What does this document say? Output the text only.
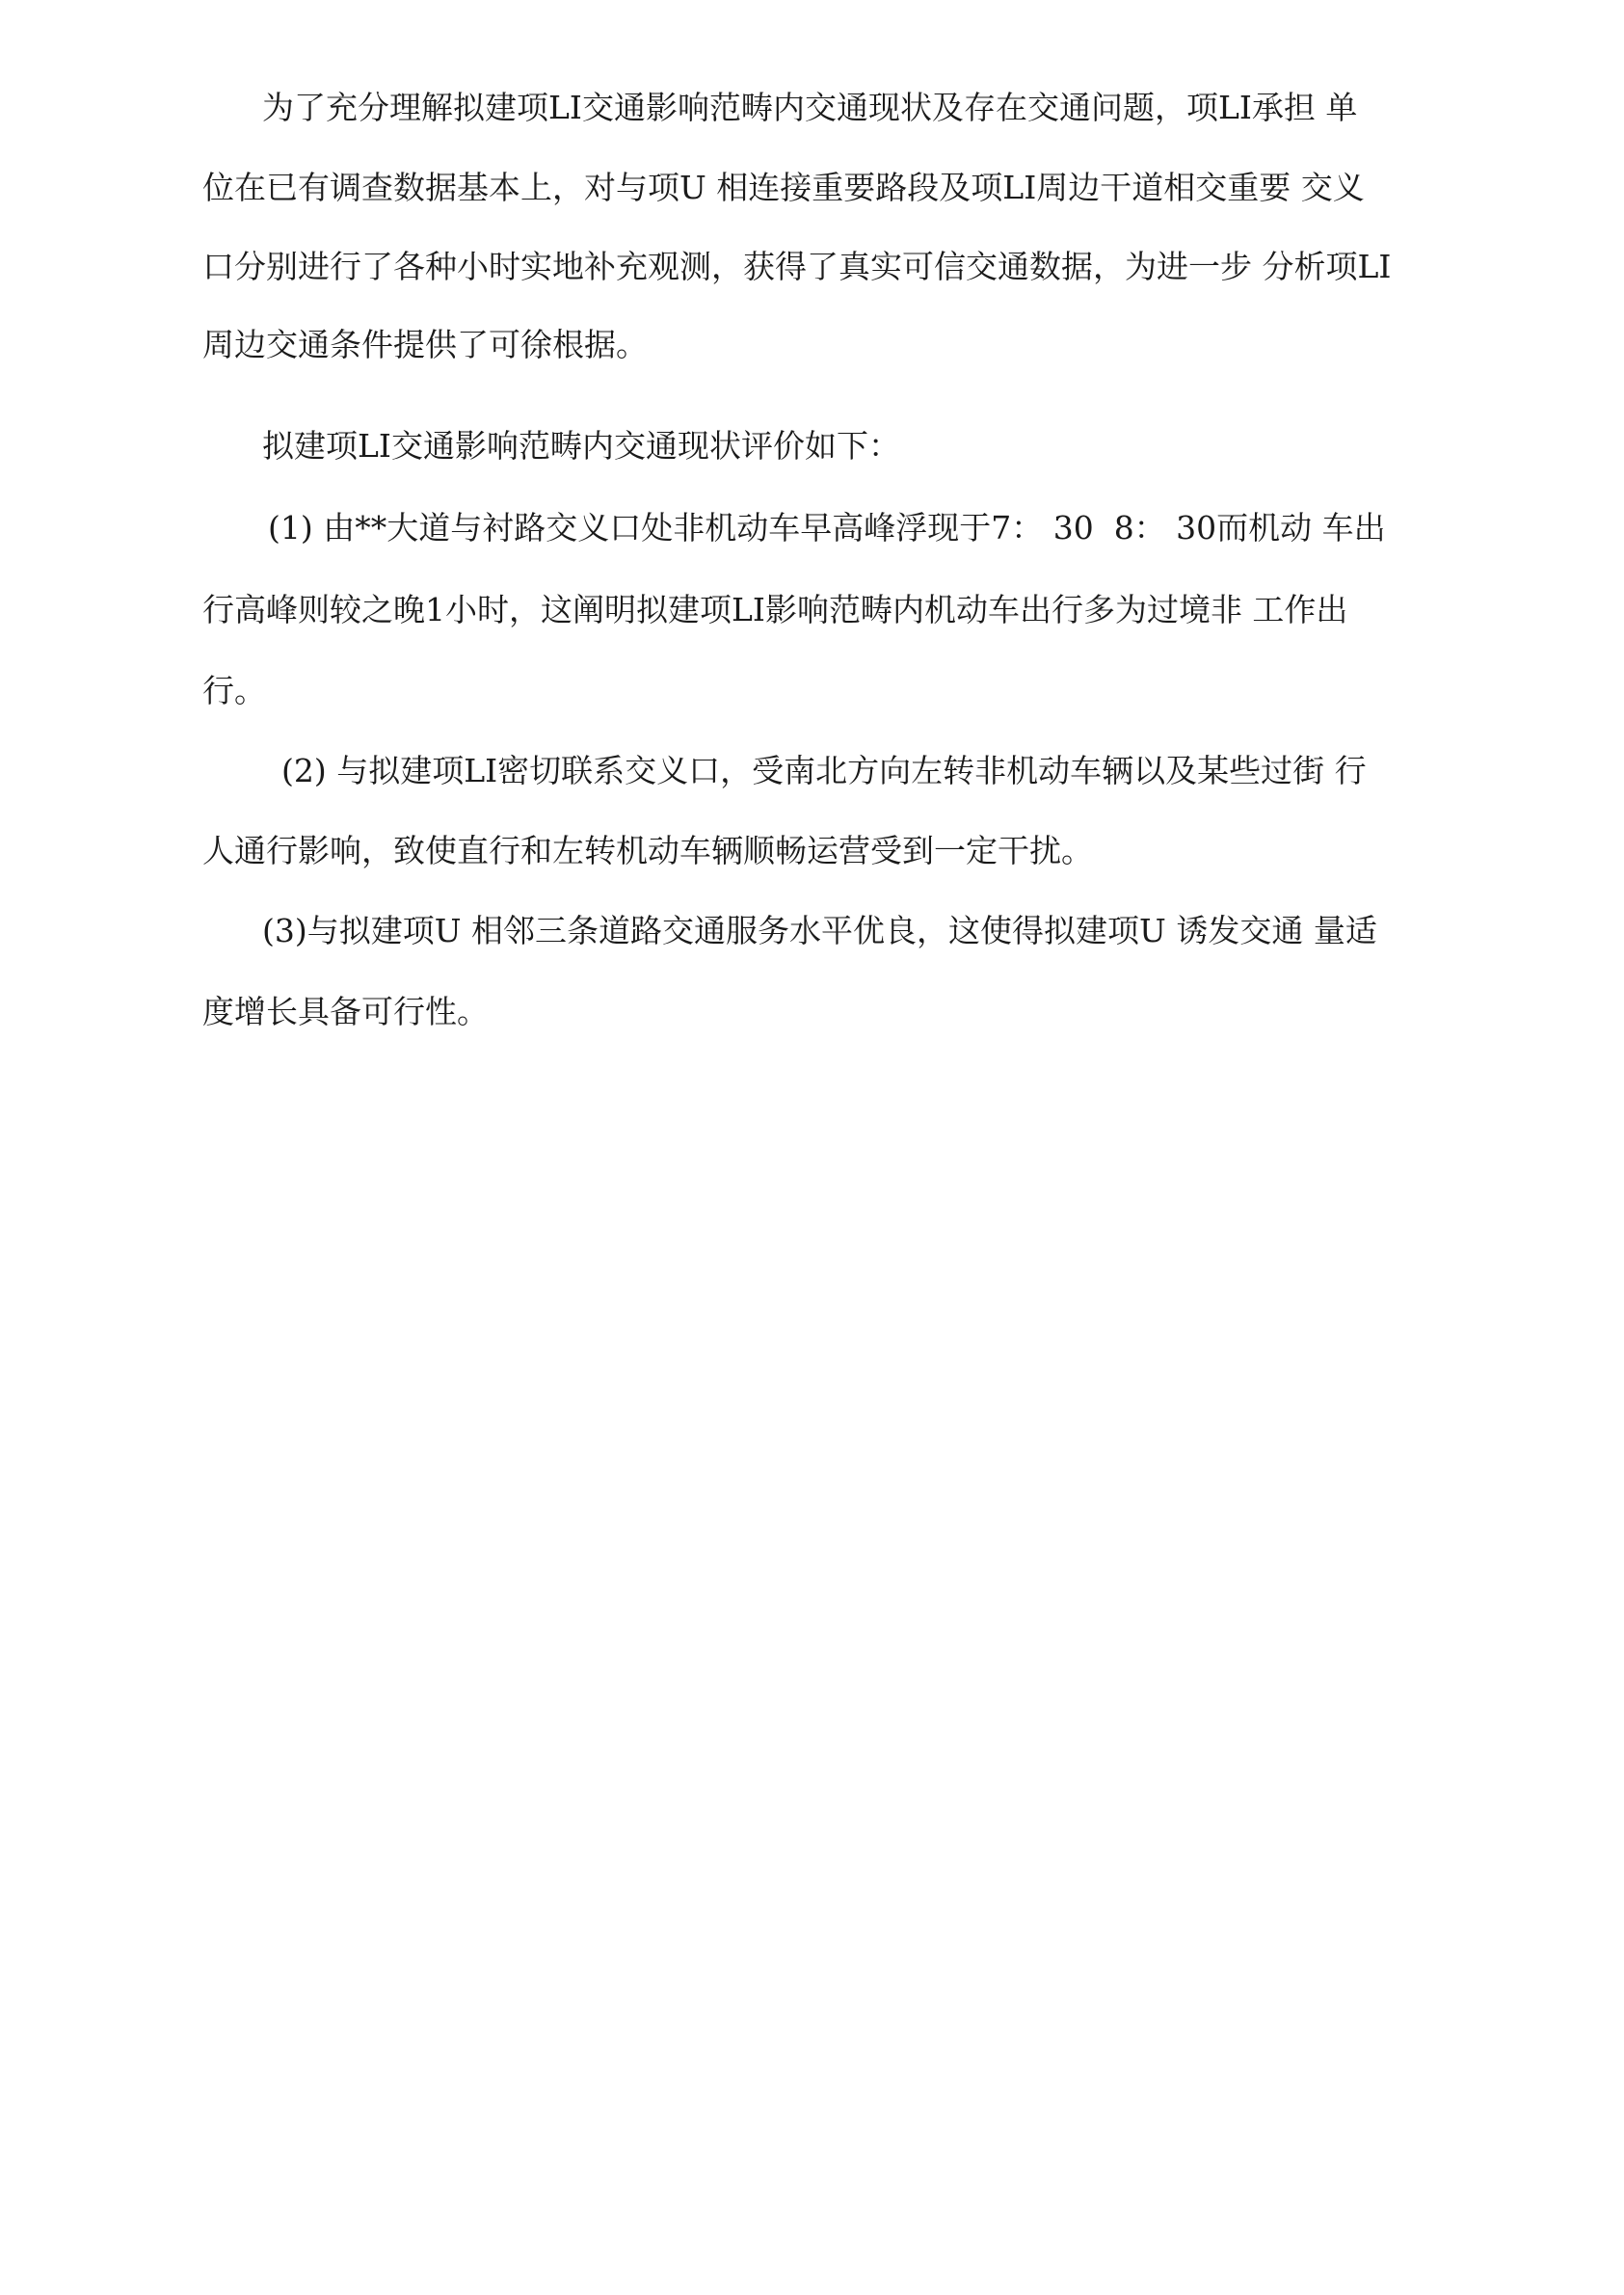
为了充分理解拟建项LI交通影响范畴内交通现状及存在交通问题，项LI承担 单
位在已有调查数据基本上，对与项U 相连接重要路段及项LI周边干道相交重要 交义
口分别进行了各种小时实地补充观测，获得了真实可信交通数据，为进一步 分析项LI
周边交通条件提供了可徐根据。
拟建项LI交通影响范畴内交通现状评价如下：
(1) 由**大道与衬路交义口处非机动车早高峰浮现于7： 30  8： 30而机动 车出
行高峰则较之晚1小时，这阐明拟建项LI影响范畴内机动车出行多为过境非 工作出
行。
(2) 与拟建项LI密切联系交义口，受南北方向左转非机动车辆以及某些过街 行
人通行影响，致使直行和左转机动车辆顺畅运营受到一定干扰。
(3)与拟建项U 相邻三条道路交通服务水平优良，这使得拟建项U 诱发交通 量适
度增长具备可行性。
